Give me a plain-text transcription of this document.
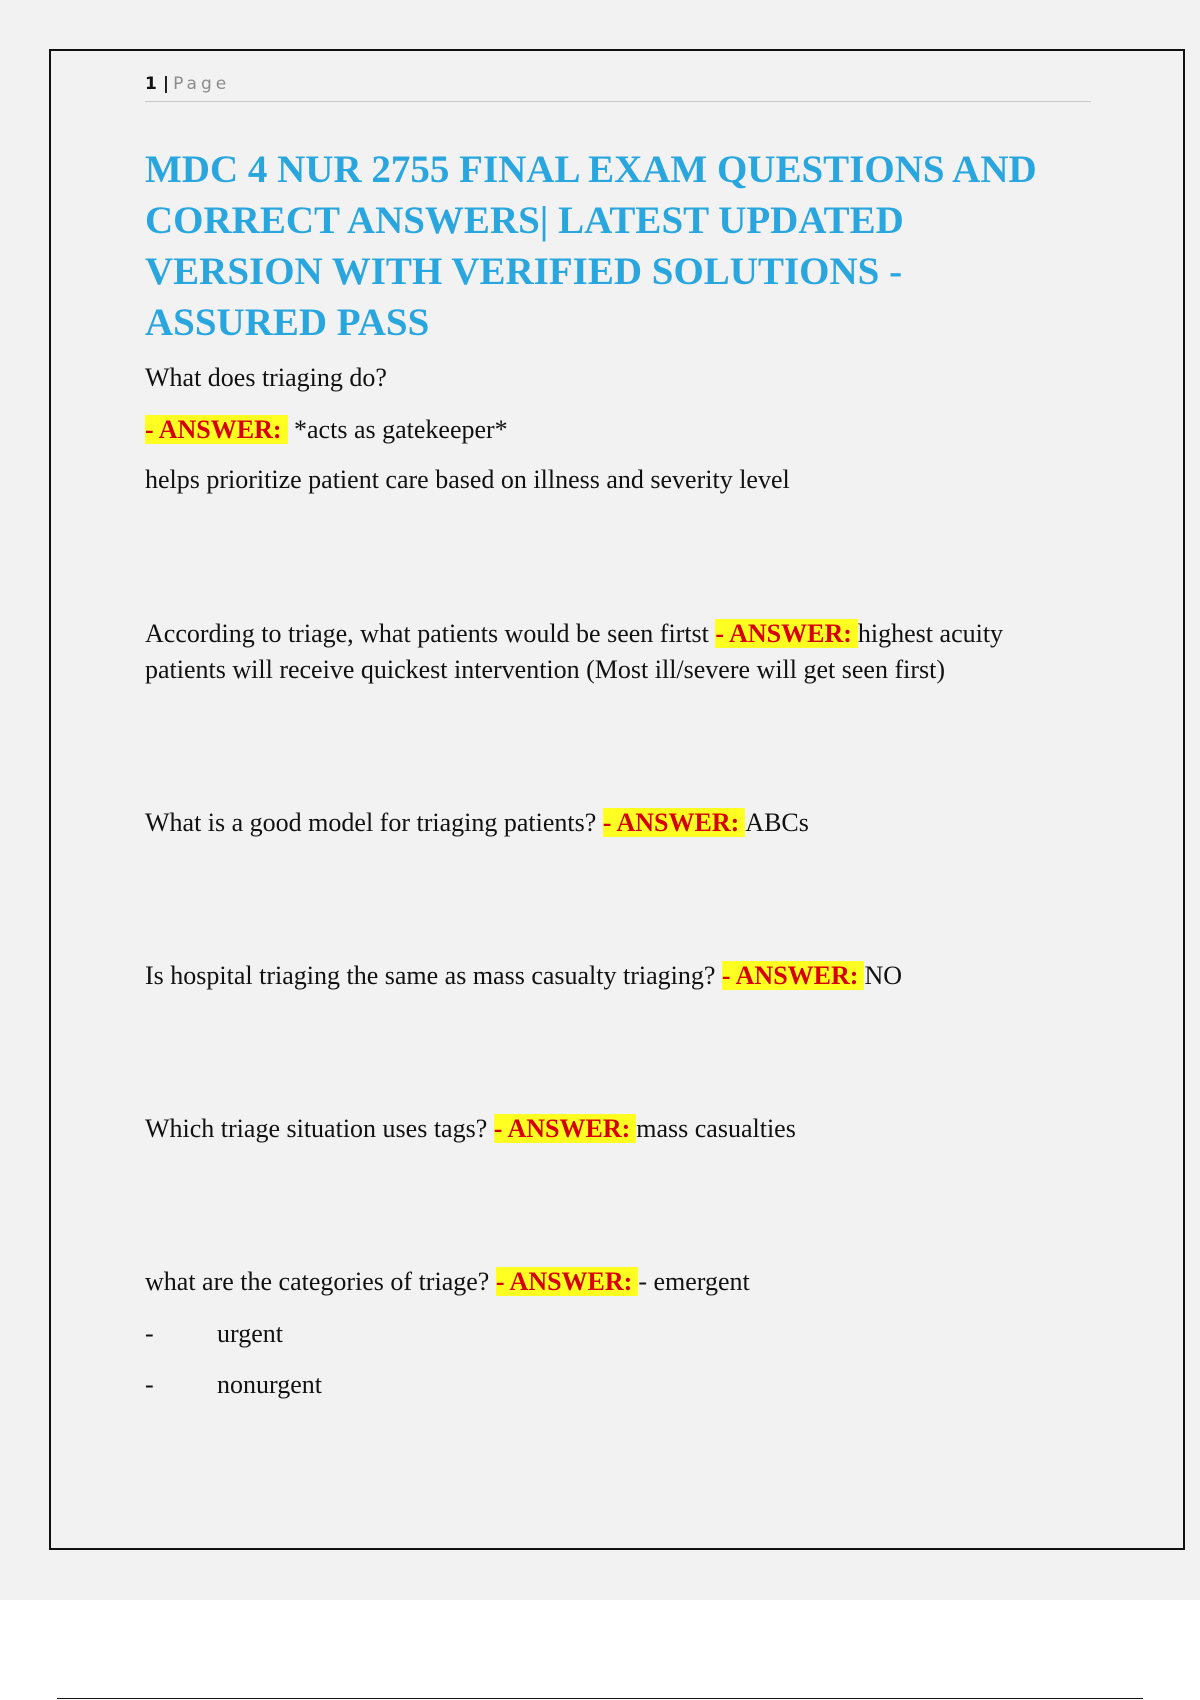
1 | Page
MDC 4 NUR 2755 FINAL EXAM QUESTIONS AND
CORRECT ANSWERS| LATEST UPDATED
VERSION WITH VERIFIED SOLUTIONS -
ASSURED PASS
What does triaging do?
- ANSWER: *acts as gatekeeper*
helps prioritize patient care based on illness and severity level
According to triage, what patients would be seen firtst - ANSWER: highest acuity
patients will receive quickest intervention (Most ill/severe will get seen first)
What is a good model for triaging patients? - ANSWER: ABCs
Is hospital triaging the same as mass casualty triaging? - ANSWER: NO
Which triage situation uses tags? - ANSWER: mass casualties
what are the categories of triage? - ANSWER: - emergent
- urgent
- nonurgent
